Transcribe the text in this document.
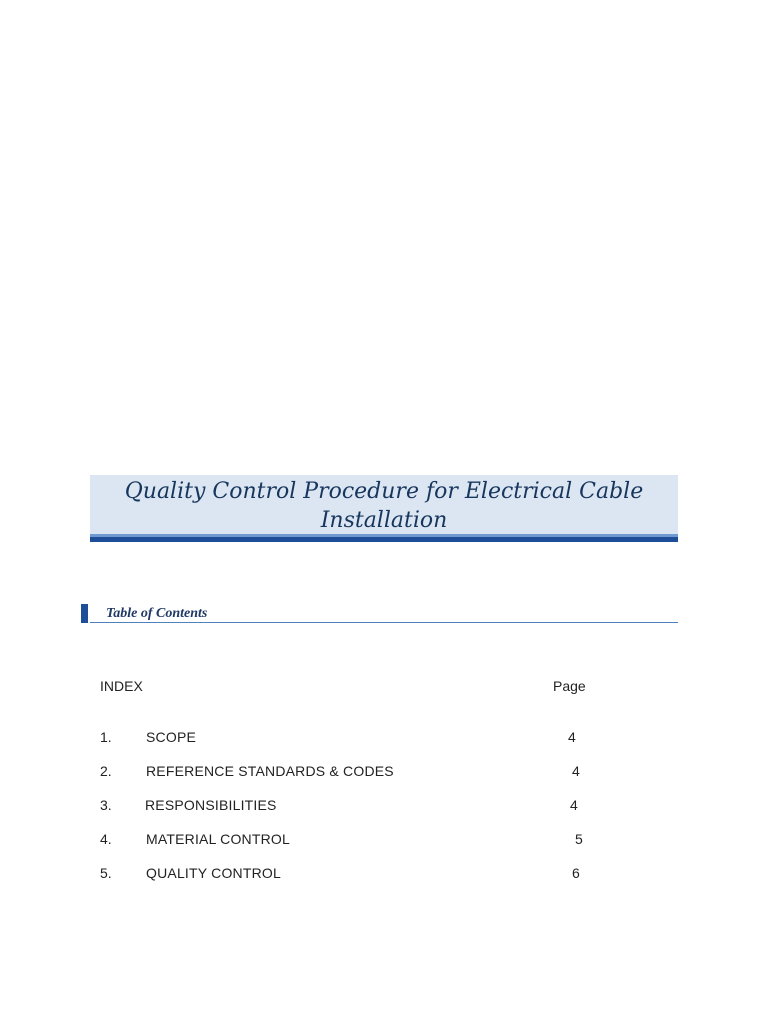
Quality Control Procedure for Electrical Cable
Installation
Table of Contents
INDEX	Page
1. SCOPE	4
2. REFERENCE STANDARDS & CODES	4
3. RESPONSIBILITIES	4
4. MATERIAL CONTROL	5
5. QUALITY CONTROL	6
